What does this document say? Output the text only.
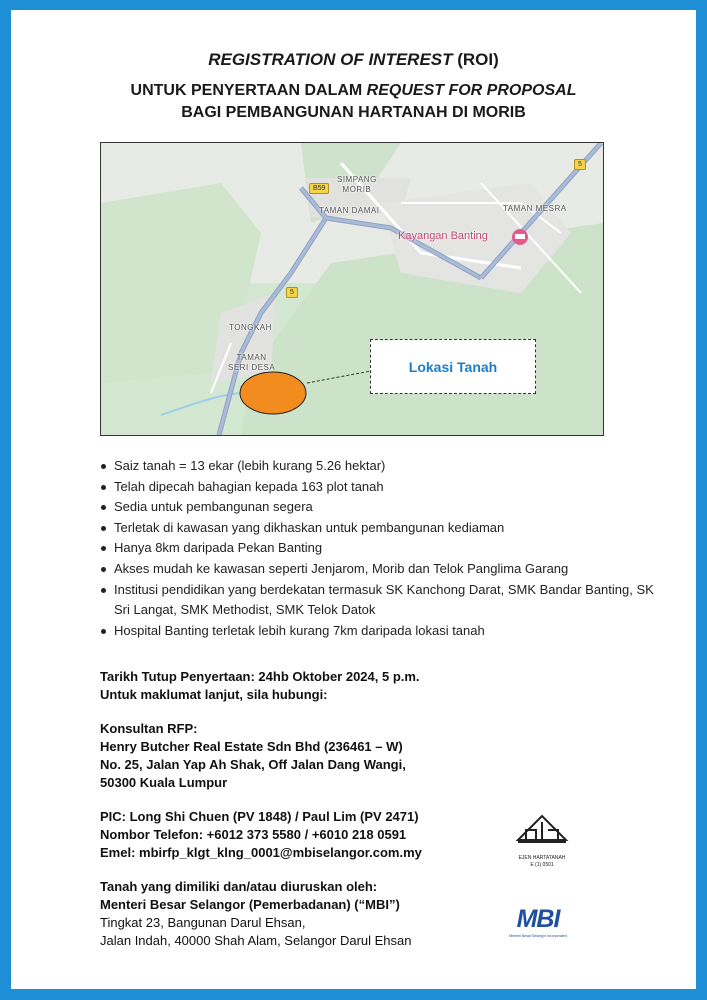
REGISTRATION OF INTEREST (ROI)
UNTUK PENYERTAAN DALAM REQUEST FOR PROPOSAL
BAGI PEMBANGUNAN HARTANAH DI MORIB
B59
5
5
SIMPANG
MORIB
TAMAN DAMAI	TAMAN MESRA
Kayangan Banting
TONGKAH
TAMAN
SERI DESA	Lokasi Tanah
Saiz tanah = 13 ekar (lebih kurang 5.26 hektar)
Telah dipecah bahagian kepada 163 plot tanah
Sedia untuk pembangunan segera
Terletak di kawasan yang dikhaskan untuk pembangunan kediaman
Hanya 8km daripada Pekan Banting
Akses mudah ke kawasan seperti Jenjarom, Morib dan Telok Panglima Garang
Institusi pendidikan yang berdekatan termasuk SK Kanchong Darat, SMK Bandar Banting, SK Sri Langat, SMK Methodist, SMK Telok Datok
Hospital Banting terletak lebih kurang 7km daripada lokasi tanah
Tarikh Tutup Penyertaan: 24hb Oktober 2024, 5 p.m.
Untuk maklumat lanjut, sila hubungi:
Konsultan RFP:
Henry Butcher Real Estate Sdn Bhd (236461 – W)
No. 25, Jalan Yap Ah Shak, Off Jalan Dang Wangi,
50300 Kuala Lumpur
PIC: Long Shi Chuen (PV 1848) / Paul Lim (PV 2471)
Nombor Telefon: +6012 373 5580 / +6010 218 0591
Emel: mbirfp_klgt_klng_0001@mbiselangor.com.my
Tanah yang dimiliki dan/atau diuruskan oleh:
Menteri Besar Selangor (Pemerbadanan) (“MBI”)
Tingkat 23, Bangunan Darul Ehsan,
Jalan Indah, 40000 Shah Alam, Selangor Darul Ehsan
EJEN HARTATANAH
E (1) 0501
MBI
Menteri Besar Selangor Incorporated
